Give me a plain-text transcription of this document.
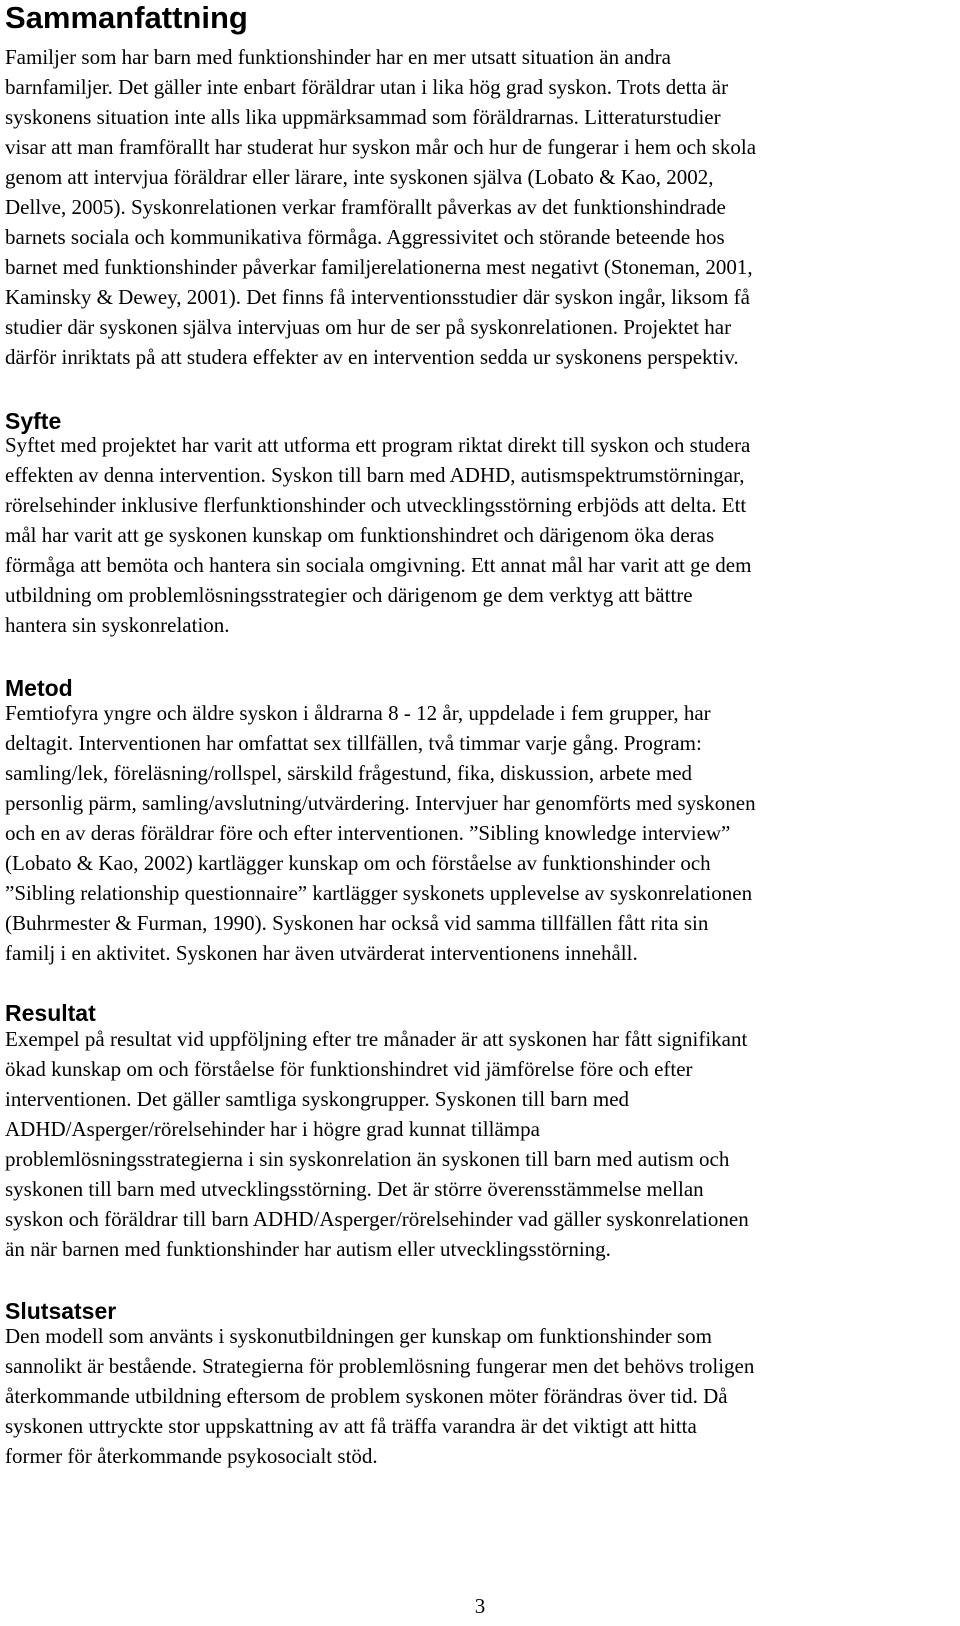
Sammanfattning
Familjer som har barn med funktionshinder har en mer utsatt situation än andra
barnfamiljer. Det gäller inte enbart föräldrar utan i lika hög grad syskon. Trots detta är
syskonens situation inte alls lika uppmärksammad som föräldrarnas. Litteraturstudier
visar att man framförallt har studerat hur syskon mår och hur de fungerar i hem och skola
genom att intervjua föräldrar eller lärare, inte syskonen själva (Lobato & Kao, 2002,
Dellve, 2005). Syskonrelationen verkar framförallt påverkas av det funktionshindrade
barnets sociala och kommunikativa förmåga. Aggressivitet och störande beteende hos
barnet med funktionshinder påverkar familjerelationerna mest negativt (Stoneman, 2001,
Kaminsky & Dewey, 2001). Det finns få interventionsstudier där syskon ingår, liksom få
studier där syskonen själva intervjuas om hur de ser på syskonrelationen. Projektet har
därför inriktats på att studera effekter av en intervention sedda ur syskonens perspektiv.
Syfte
Syftet med projektet har varit att utforma ett program riktat direkt till syskon och studera
effekten av denna intervention. Syskon till barn med ADHD, autismspektrumstörningar,
rörelsehinder inklusive flerfunktionshinder och utvecklingsstörning erbjöds att delta. Ett
mål har varit att ge syskonen kunskap om funktionshindret och därigenom öka deras
förmåga att bemöta och hantera sin sociala omgivning. Ett annat mål har varit att ge dem
utbildning om problemlösningsstrategier och därigenom ge dem verktyg att bättre
hantera sin syskonrelation.
Metod
Femtiofyra yngre och äldre syskon i åldrarna 8 - 12 år, uppdelade i fem grupper, har
deltagit. Interventionen har omfattat sex tillfällen, två timmar varje gång. Program:
samling/lek, föreläsning/rollspel, särskild frågestund, fika, diskussion, arbete med
personlig pärm, samling/avslutning/utvärdering. Intervjuer har genomförts med syskonen
och en av deras föräldrar före och efter interventionen. ”Sibling knowledge interview”
(Lobato & Kao, 2002) kartlägger kunskap om och förståelse av funktionshinder och
”Sibling relationship questionnaire” kartlägger syskonets upplevelse av syskonrelationen
(Buhrmester & Furman, 1990). Syskonen har också vid samma tillfällen fått rita sin
familj i en aktivitet. Syskonen har även utvärderat interventionens innehåll.
Resultat
Exempel på resultat vid uppföljning efter tre månader är att syskonen har fått signifikant
ökad kunskap om och förståelse för funktionshindret vid jämförelse före och efter
interventionen. Det gäller samtliga syskongrupper. Syskonen till barn med
ADHD/Asperger/rörelsehinder har i högre grad kunnat tillämpa
problemlösningsstrategierna i sin syskonrelation än syskonen till barn med autism och
syskonen till barn med utvecklingsstörning. Det är större överensstämmelse mellan
syskon och föräldrar till barn ADHD/Asperger/rörelsehinder vad gäller syskonrelationen
än när barnen med funktionshinder har autism eller utvecklingsstörning.
Slutsatser
Den modell som använts i syskonutbildningen ger kunskap om funktionshinder som
sannolikt är bestående. Strategierna för problemlösning fungerar men det behövs troligen
återkommande utbildning eftersom de problem syskonen möter förändras över tid. Då
syskonen uttryckte stor uppskattning av att få träffa varandra är det viktigt att hitta
former för återkommande psykosocialt stöd.
3
